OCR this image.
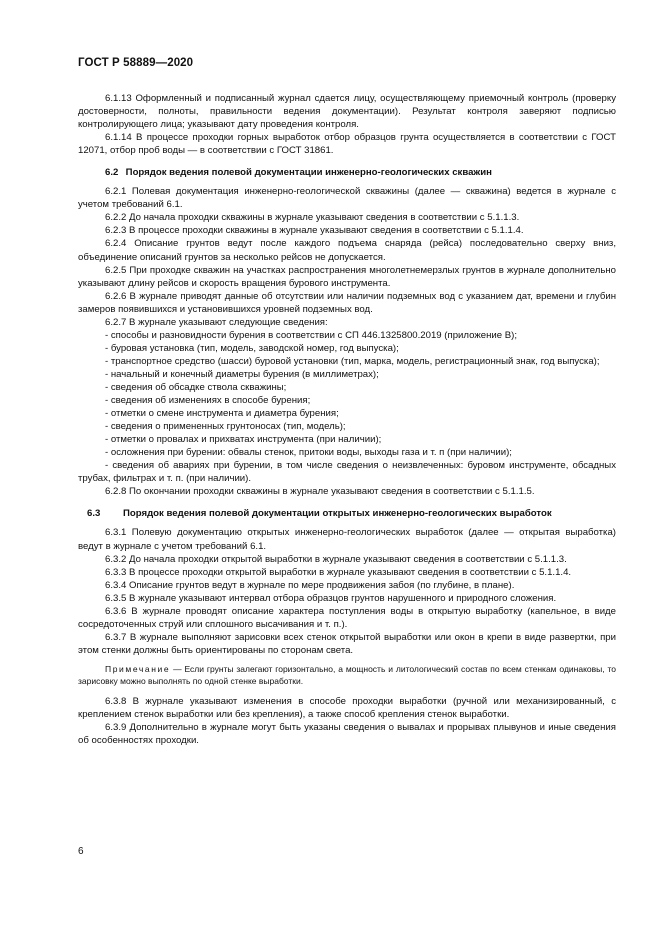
ГОСТ Р 58889—2020

6.1.13 Оформленный и подписанный журнал сдается лицу, осуществляющему приемочный контроль (проверку достоверности, полноты, правильности ведения документации). Результат контроля заверяют подписью контролирующего лица; указывают дату проведения контроля.

6.1.14 В процессе проходки горных выработок отбор образцов грунта осуществляется в соответствии с ГОСТ 12071, отбор проб воды — в соответствии с ГОСТ 31861.

6.2 Порядок ведения полевой документации инженерно-геологических скважин

6.2.1 Полевая документация инженерно-геологической скважины (далее — скважина) ведется в журнале с учетом требований 6.1.

6.2.2 До начала проходки скважины в журнале указывают сведения в соответствии с 5.1.1.3.

6.2.3 В процессе проходки скважины в журнале указывают сведения в соответствии с 5.1.1.4.

6.2.4 Описание грунтов ведут после каждого подъема снаряда (рейса) последовательно сверху вниз, объединение описаний грунтов за несколько рейсов не допускается.

6.2.5 При проходке скважин на участках распространения многолетнемерзлых грунтов в журнале дополнительно указывают длину рейсов и скорость вращения бурового инструмента.

6.2.6 В журнале приводят данные об отсутствии или наличии подземных вод с указанием дат, времени и глубин замеров появившихся и установившихся уровней подземных вод.

6.2.7 В журнале указывают следующие сведения:

- способы и разновидности бурения в соответствии с СП 446.1325800.2019 (приложение В);

- буровая установка (тип, модель, заводской номер, год выпуска);

- транспортное средство (шасси) буровой установки (тип, марка, модель, регистрационный знак, год выпуска);

- начальный и конечный диаметры бурения (в миллиметрах);

- сведения об обсадке ствола скважины;

- сведения об изменениях в способе бурения;

- отметки о смене инструмента и диаметра бурения;

- сведения о примененных грунтоносах (тип, модель);

- отметки о провалах и прихватах инструмента (при наличии);

- осложнения при бурении: обвалы стенок, притоки воды, выходы газа и т. п (при наличии);

- сведения об авариях при бурении, в том числе сведения о неизвлеченных: буровом инструменте, обсадных трубах, фильтрах и т. п. (при наличии).

6.2.8 По окончании проходки скважины в журнале указывают сведения в соответствии с 5.1.1.5.

6.3 Порядок ведения полевой документации открытых инженерно-геологических выработок

6.3.1 Полевую документацию открытых инженерно-геологических выработок (далее — открытая выработка) ведут в журнале с учетом требований 6.1.

6.3.2 До начала проходки открытой выработки в журнале указывают сведения в соответствии с 5.1.1.3.

6.3.3 В процессе проходки открытой выработки в журнале указывают сведения в соответствии с 5.1.1.4.

6.3.4 Описание грунтов ведут в журнале по мере продвижения забоя (по глубине, в плане).

6.3.5 В журнале указывают интервал отбора образцов грунтов нарушенного и природного сложения.

6.3.6 В журнале проводят описание характера поступления воды в открытую выработку (капельное, в виде сосредоточенных струй или сплошного высачивания и т. п.).

6.3.7 В журнале выполняют зарисовки всех стенок открытой выработки или окон в крепи в виде развертки, при этом стенки должны быть ориентированы по сторонам света.

Примечание — Если грунты залегают горизонтально, а мощность и литологический состав по всем стенкам одинаковы, то зарисовку можно выполнять по одной стенке выработки.

6.3.8 В журнале указывают изменения в способе проходки выработки (ручной или механизированный, с креплением стенок выработки или без крепления), а также способ крепления стенок выработки.

6.3.9 Дополнительно в журнале могут быть указаны сведения о вывалах и прорывах плывунов и иные сведения об особенностях проходки.

6
